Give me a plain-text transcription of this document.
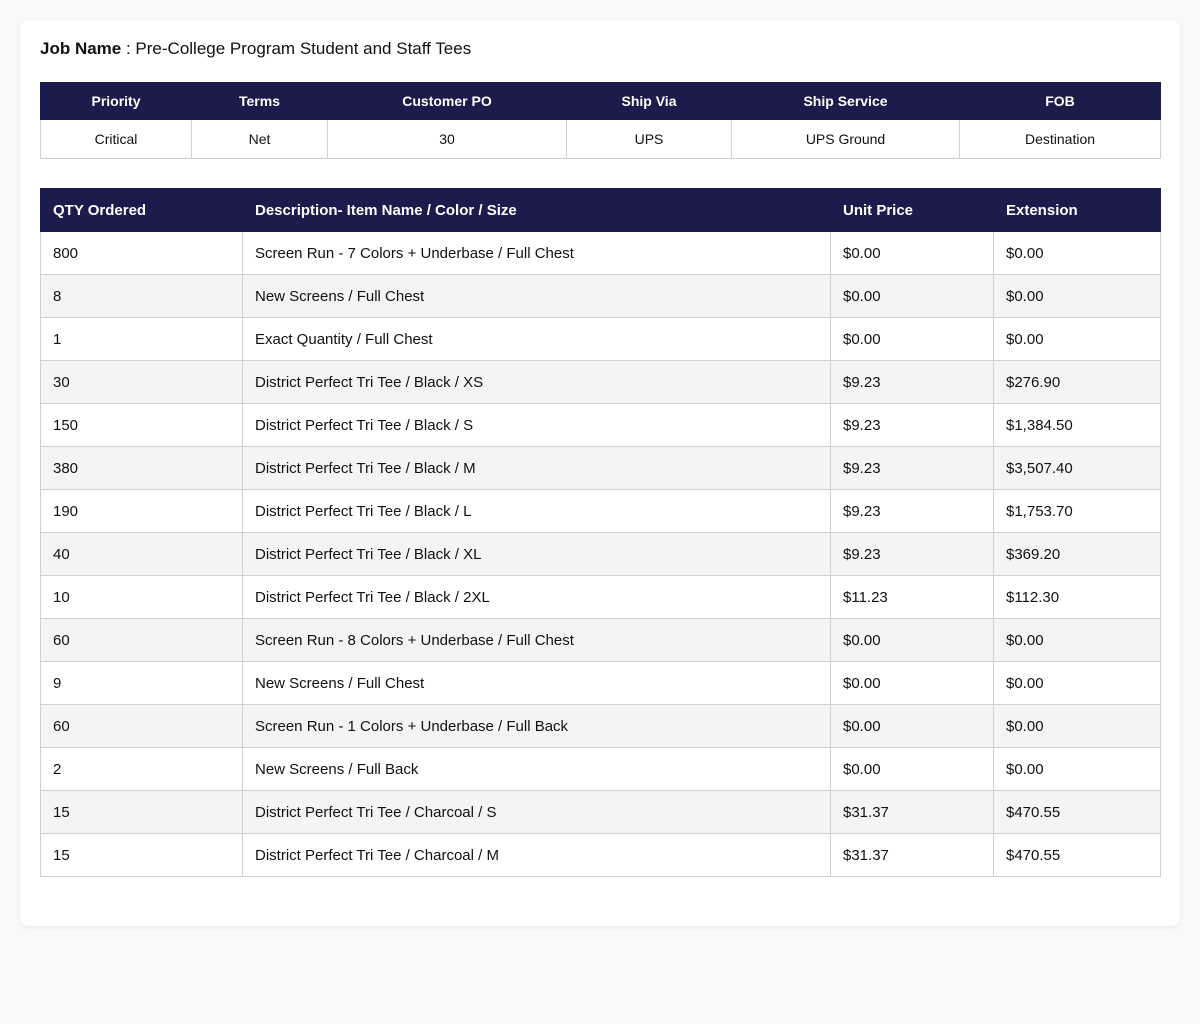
Job Name : Pre-College Program Student and Staff Tees
Priority	Terms	Customer PO	Ship Via	Ship Service	FOB
Critical	Net	30	UPS	UPS Ground	Destination
QTY Ordered	Description- Item Name / Color / Size	Unit Price	Extension
800	Screen Run - 7 Colors + Underbase / Full Chest	$0.00	$0.00
8	New Screens / Full Chest	$0.00	$0.00
1	Exact Quantity / Full Chest	$0.00	$0.00
30	District Perfect Tri Tee / Black / XS	$9.23	$276.90
150	District Perfect Tri Tee / Black / S	$9.23	$1,384.50
380	District Perfect Tri Tee / Black / M	$9.23	$3,507.40
190	District Perfect Tri Tee / Black / L	$9.23	$1,753.70
40	District Perfect Tri Tee / Black / XL	$9.23	$369.20
10	District Perfect Tri Tee / Black / 2XL	$11.23	$112.30
60	Screen Run - 8 Colors + Underbase / Full Chest	$0.00	$0.00
9	New Screens / Full Chest	$0.00	$0.00
60	Screen Run - 1 Colors + Underbase / Full Back	$0.00	$0.00
2	New Screens / Full Back	$0.00	$0.00
15	District Perfect Tri Tee / Charcoal / S	$31.37	$470.55
15	District Perfect Tri Tee / Charcoal / M	$31.37	$470.55
